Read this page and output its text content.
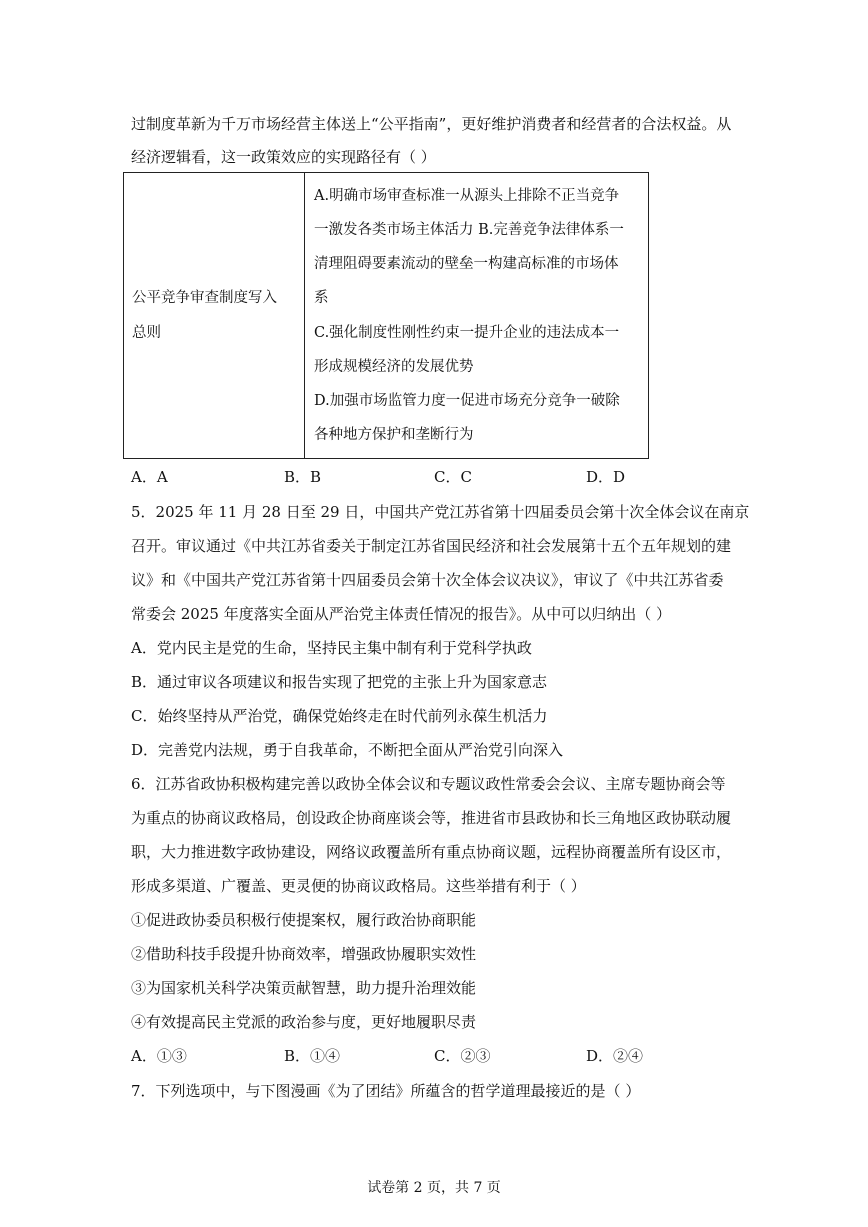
过制度革新为千万市场经营主体送上“公平指南”，更好维护消费者和经营者的合法权益。从
经济逻辑看，这一政策效应的实现路径有（ ）
公平竞争审查制度写入
总则

A.明确市场审查标准一从源头上排除不正当竞争
一激发各类市场主体活力 B.完善竞争法律体系一
清理阻碍要素流动的壁垒一构建高标准的市场体
系
C.强化制度性刚性约束一提升企业的违法成本一
形成规模经济的发展优势
D.加强市场监管力度一促进市场充分竞争一破除
各种地方保护和垄断行为
A．A	B．B	C．C	D．D
5．2025 年 11 月 28 日至 29 日，中国共产党江苏省第十四届委员会第十次全体会议在南京
召开。审议通过《中共江苏省委关于制定江苏省国民经济和社会发展第十五个五年规划的建
议》和《中国共产党江苏省第十四届委员会第十次全体会议决议》，审议了《中共江苏省委
常委会 2025 年度落实全面从严治党主体责任情况的报告》。从中可以归纳出（ ）
A．党内民主是党的生命，坚持民主集中制有利于党科学执政
B．通过审议各项建议和报告实现了把党的主张上升为国家意志
C．始终坚持从严治党，确保党始终走在时代前列永葆生机活力
D．完善党内法规，勇于自我革命，不断把全面从严治党引向深入
6．江苏省政协积极构建完善以政协全体会议和专题议政性常委会会议、主席专题协商会等
为重点的协商议政格局，创设政企协商座谈会等，推进省市县政协和长三角地区政协联动履
职，大力推进数字政协建设，网络议政覆盖所有重点协商议题，远程协商覆盖所有设区市，
形成多渠道、广覆盖、更灵便的协商议政格局。这些举措有利于（ ）
①促进政协委员积极行使提案权，履行政治协商职能
②借助科技手段提升协商效率，增强政协履职实效性
③为国家机关科学决策贡献智慧，助力提升治理效能
④有效提高民主党派的政治参与度，更好地履职尽责
A．①③	B．①④	C．②③	D．②④
7．下列选项中，与下图漫画《为了团结》所蕴含的哲学道理最接近的是（ ）
试卷第 2 页，共 7 页
